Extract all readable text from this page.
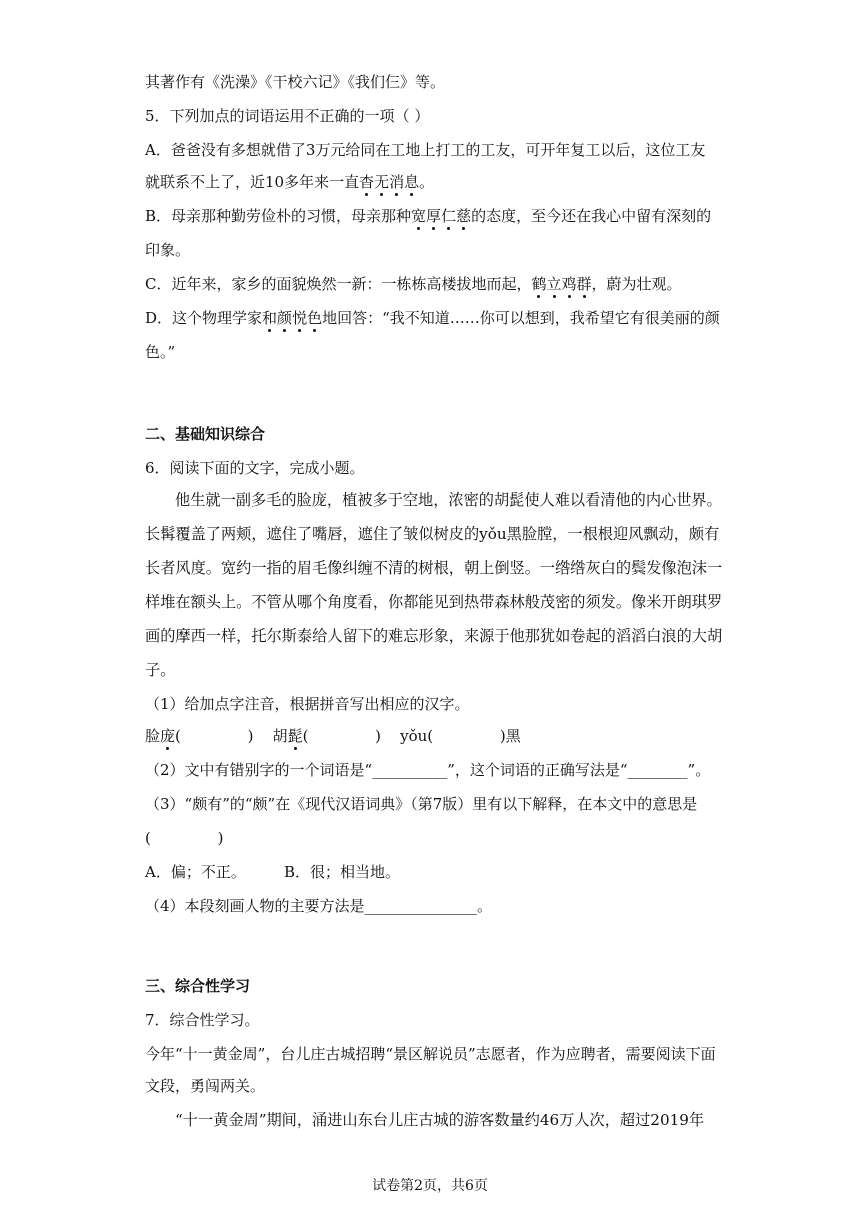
其著作有《洗澡》《干校六记》《我们仨》等。
5．下列加点的词语运用不正确的一项（ ）
A．爸爸没有多想就借了3万元给同在工地上打工的工友，可开年复工以后，这位工友
就联系不上了，近10多年来一直杳无消息。
B．母亲那种勤劳俭朴的习惯，母亲那种宽厚仁慈的态度，至今还在我心中留有深刻的
印象。
C．近年来，家乡的面貌焕然一新：一栋栋高楼拔地而起，鹤立鸡群，蔚为壮观。
D．这个物理学家和颜悦色地回答：“我不知道……你可以想到，我希望它有很美丽的颜
色。”
二、基础知识综合
6．阅读下面的文字，完成小题。
他生就一副多毛的脸庞，植被多于空地，浓密的胡髭使人难以看清他的内心世界。
长髯覆盖了两颊，遮住了嘴唇，遮住了皱似树皮的yǒu黑脸膛，一根根迎风飘动，颇有
长者风度。宽约一指的眉毛像纠缠不清的树根，朝上倒竖。一绺绺灰白的鬓发像泡沫一
样堆在额头上。不管从哪个角度看，你都能见到热带森林般茂密的须发。像米开朗琪罗
画的摩西一样，托尔斯泰给人留下的难忘形象，来源于他那犹如卷起的滔滔白浪的大胡
子。
（1）给加点字注音，根据拼音写出相应的汉字。
脸庞(              )    胡髭(              )    yǒu(              )黑
（2）文中有错别字的一个词语是“__________”，这个词语的正确写法是“________”。
（3）“颇有”的“颇”在《现代汉语词典》（第7版）里有以下解释，在本文中的意思是
(              )
A．偏；不正。        B．很；相当地。
（4）本段刻画人物的主要方法是_______________。
三、综合性学习
7．综合性学习。
今年“十一黄金周”，台儿庄古城招聘“景区解说员”志愿者，作为应聘者，需要阅读下面
文段，勇闯两关。
“十一黄金周”期间，涌进山东台儿庄古城的游客数量约46万人次，超过2019年
试卷第2页，共6页
